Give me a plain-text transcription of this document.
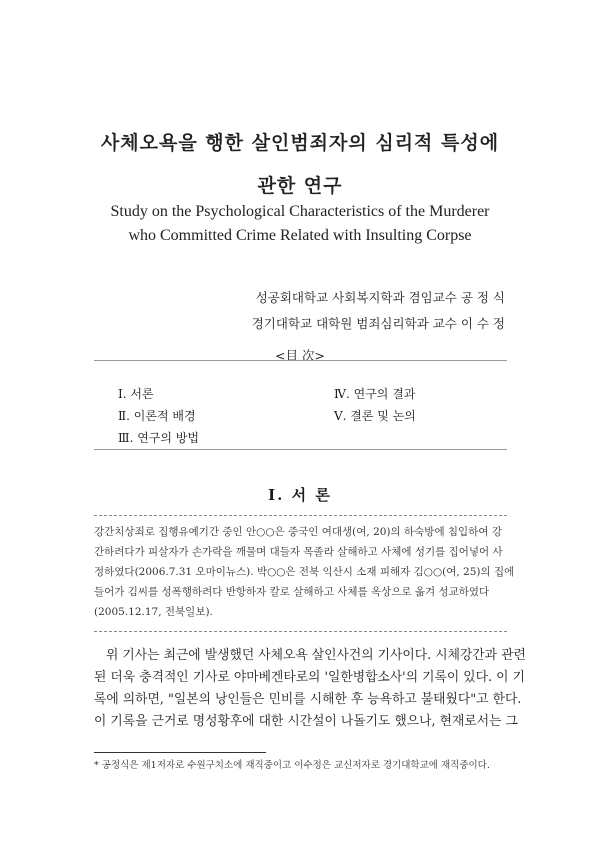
사체오욕을 행한 살인범죄자의 심리적 특성에
관한 연구
Study on the Psychological Characteristics of the Murderer
who Committed Crime Related with Insulting Corpse
성공회대학교 사회복지학과 겸임교수 공 정 식
경기대학교 대학원 범죄심리학과 교수 이 수 정
<目 次>
Ⅰ. 서론
Ⅱ. 이론적 배경
Ⅲ. 연구의 방법
Ⅳ. 연구의 결과
Ⅴ. 결론 및 논의
Ⅰ. 서 론
강간치상죄로 집행유예기간 중인 안○○은 중국인 여대생(여, 20)의 하숙방에 침입하여 강
간하려다가 피살자가 손가락을 깨물며 대들자 목졸라 살해하고 사체에 성기를 집어넣어 사
정하였다(2006.7.31 오마이뉴스). 박○○은 전북 익산시 소재 피해자 김○○(여, 25)의 집에
들어가 김씨를 성폭행하려다 반항하자 칼로 살해하고 사체를 옥상으로 옮겨 성교하였다
(2005.12.17, 전북일보).
위 기사는 최근에 발생했던 사체오욕 살인사건의 기사이다. 시체강간과 관련
된 더욱 충격적인 기사로 야마베겐타로의 '일한병합소사'의 기록이 있다. 이 기
록에 의하면, "일본의 낭인들은 민비를 시해한 후 능욕하고 불태웠다"고 한다.
이 기록을 근거로 명성황후에 대한 시간설이 나돌기도 했으나, 현재로서는 그
* 공정식은 제1저자로 수원구치소에 재직중이고 이수정은 교신저자로 경기대학교에 재직중이다.
